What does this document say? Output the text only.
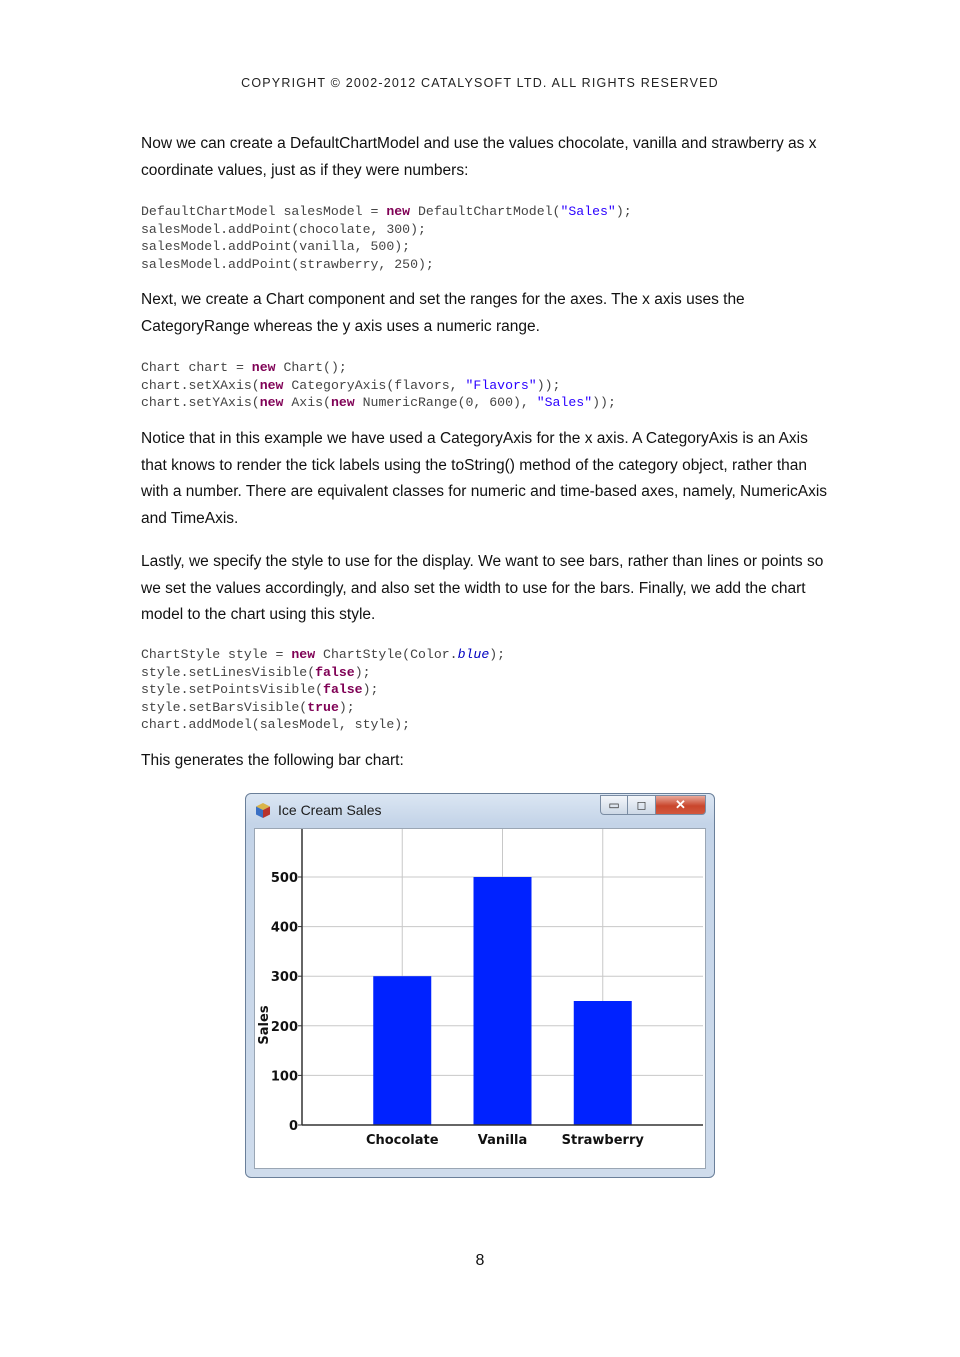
COPYRIGHT © 2002-2012 CATALYSOFT LTD. ALL RIGHTS RESERVED

Now we can create a DefaultChartModel and use the values chocolate, vanilla and strawberry as x coordinate values, just as if they were numbers:

DefaultChartModel salesModel = new DefaultChartModel("Sales");
salesModel.addPoint(chocolate, 300);
salesModel.addPoint(vanilla, 500);
salesModel.addPoint(strawberry, 250);

Next, we create a Chart component and set the ranges for the axes. The x axis uses the CategoryRange whereas the y axis uses a numeric range.

Chart chart = new Chart();
chart.setXAxis(new CategoryAxis(flavors, "Flavors"));
chart.setYAxis(new Axis(new NumericRange(0, 600), "Sales"));

Notice that in this example we have used a CategoryAxis for the x axis. A CategoryAxis is an Axis that knows to render the tick labels using the toString() method of the category object, rather than with a number. There are equivalent classes for numeric and time-based axes, namely, NumericAxis and TimeAxis.

Lastly, we specify the style to use for the display. We want to see bars, rather than lines or points so we set the values accordingly, and also set the width to use for the bars. Finally, we add the chart model to the chart using this style.

ChartStyle style = new ChartStyle(Color.blue);
style.setLinesVisible(false);
style.setPointsVisible(false);
style.setBarsVisible(true);
chart.addModel(salesModel, style);

This generates the following bar chart:

Ice Cream Sales	▭ ◻ ✕
0
100
200
300
400
500
Chocolate	Vanilla	Strawberry
Sales
8
